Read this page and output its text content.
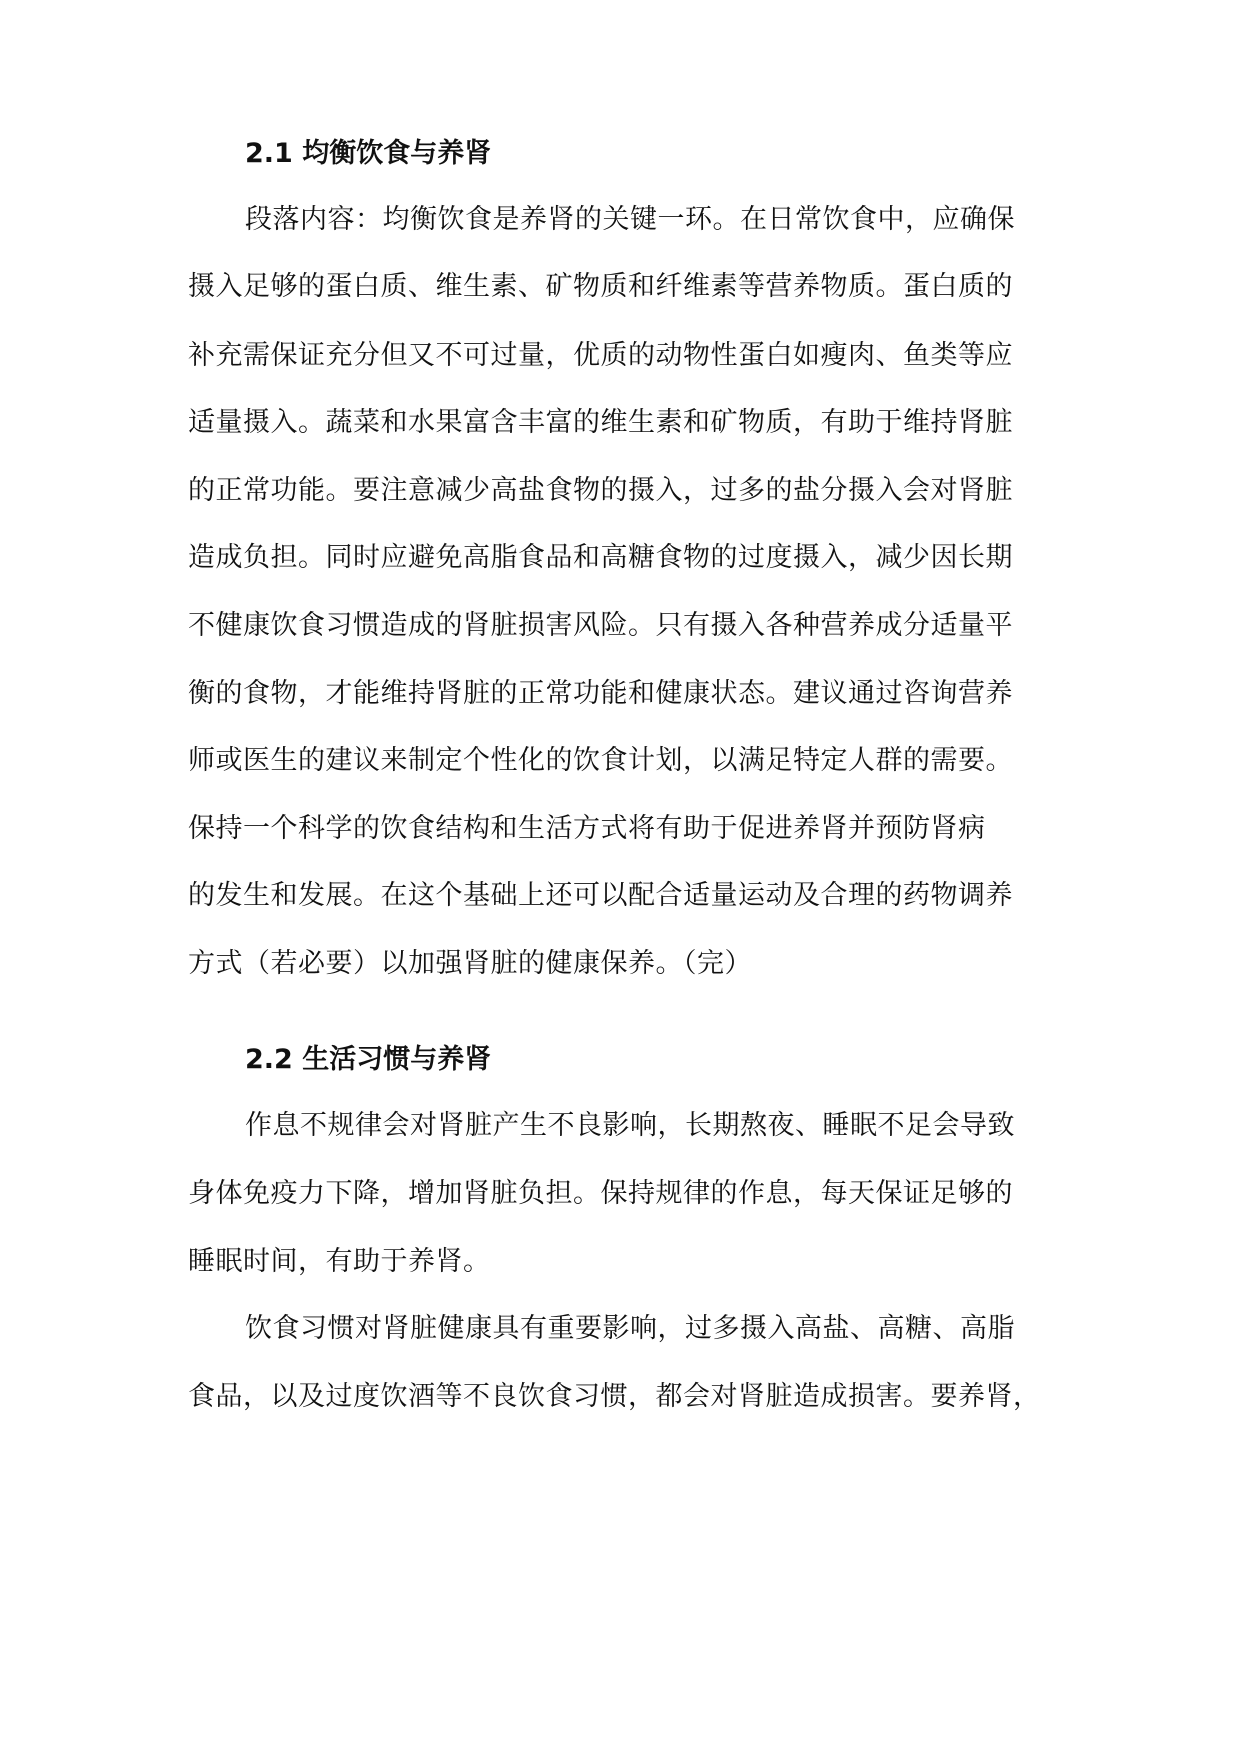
2.1 均衡饮食与养肾

段落内容：均衡饮食是养肾的关键一环。在日常饮食中，应确保

摄入足够的蛋白质、维生素、矿物质和纤维素等营养物质。蛋白质的

补充需保证充分但又不可过量，优质的动物性蛋白如瘦肉、鱼类等应

适量摄入。蔬菜和水果富含丰富的维生素和矿物质，有助于维持肾脏

的正常功能。要注意减少高盐食物的摄入，过多的盐分摄入会对肾脏

造成负担。同时应避免高脂食品和高糖食物的过度摄入，减少因长期

不健康饮食习惯造成的肾脏损害风险。只有摄入各种营养成分适量平

衡的食物，才能维持肾脏的正常功能和健康状态。建议通过咨询营养

师或医生的建议来制定个性化的饮食计划，以满足特定人群的需要。

保持一个科学的饮食结构和生活方式将有助于促进养肾并预防肾病

的发生和发展。在这个基础上还可以配合适量运动及合理的药物调养

方式（若必要）以加强肾脏的健康保养。（完）

2.2 生活习惯与养肾

作息不规律会对肾脏产生不良影响，长期熬夜、睡眠不足会导致

身体免疫力下降，增加肾脏负担。保持规律的作息，每天保证足够的

睡眠时间，有助于养肾。

饮食习惯对肾脏健康具有重要影响，过多摄入高盐、高糖、高脂

食品，以及过度饮酒等不良饮食习惯，都会对肾脏造成损害。要养肾，
